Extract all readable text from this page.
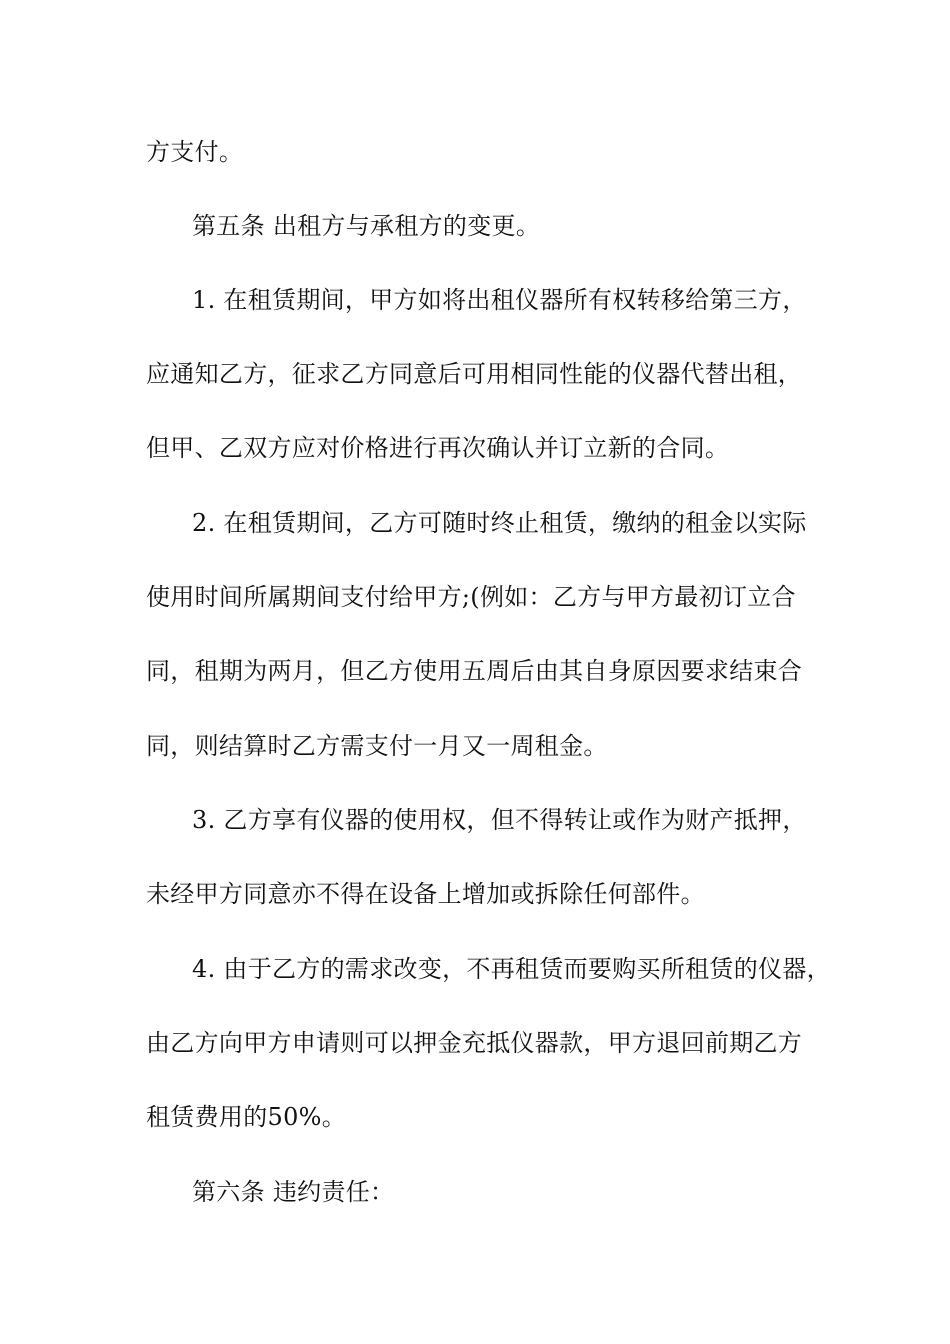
方支付。
第五条 出租方与承租方的变更。
1. 在租赁期间，甲方如将出租仪器所有权转移给第三方，
应通知乙方，征求乙方同意后可用相同性能的仪器代替出租，
但甲、乙双方应对价格进行再次确认并订立新的合同。
2. 在租赁期间，乙方可随时终止租赁，缴纳的租金以实际
使用时间所属期间支付给甲方;(例如：乙方与甲方最初订立合
同，租期为两月，但乙方使用五周后由其自身原因要求结束合
同，则结算时乙方需支付一月又一周租金。
3. 乙方享有仪器的使用权，但不得转让或作为财产抵押，
未经甲方同意亦不得在设备上增加或拆除任何部件。
4. 由于乙方的需求改变，不再租赁而要购买所租赁的仪器，
由乙方向甲方申请则可以押金充抵仪器款，甲方退回前期乙方
租赁费用的50%。
第六条 违约责任：
